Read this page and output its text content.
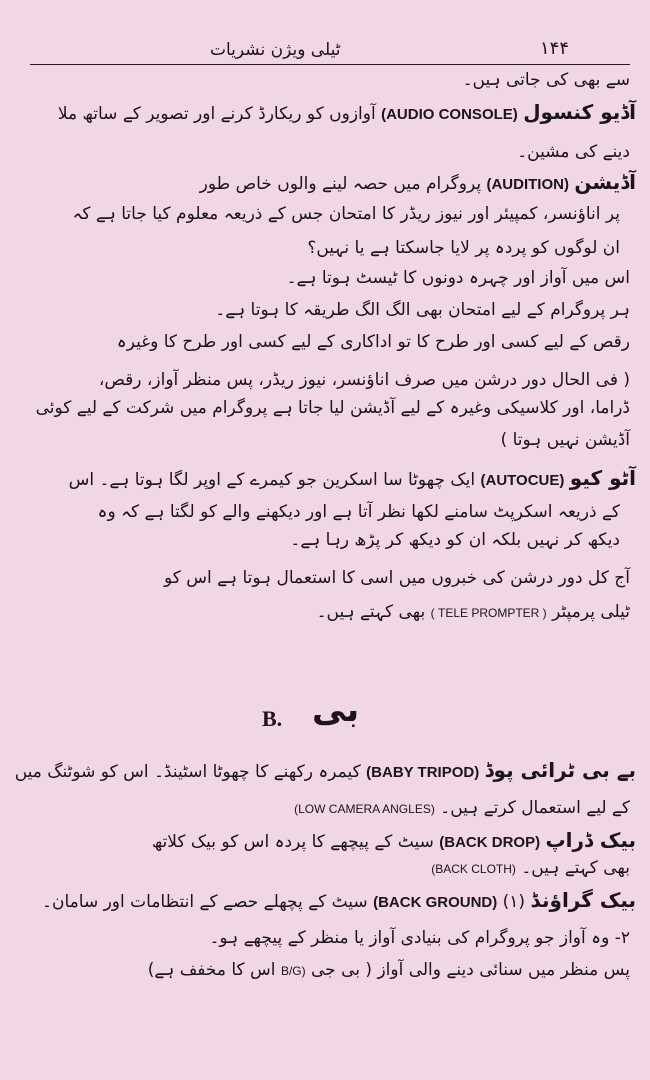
۱۴۴
ٹیلی ویژن نشریات
بی
B.
سے بھی کی جاتی ہیں۔
آڈیو کنسول (AUDIO CONSOLE) آوازوں کو ریکارڈ کرنے اور تصویر کے ساتھ ملا
دینے کی مشین۔
آڈیشن (AUDITION) پروگرام میں حصہ لینے والوں خاص طور
پر اناؤنسر، کمپیئر اور نیوز ریڈر کا امتحان جس کے ذریعہ معلوم کیا جاتا ہے کہ
ان لوگوں کو پردہ پر لایا جاسکتا ہے یا نہیں؟
اس میں آواز اور چہرہ دونوں کا ٹیسٹ ہوتا ہے۔
ہر پروگرام کے لیے امتحان بھی الگ الگ طریقہ کا ہوتا ہے۔
رقص کے لیے کسی اور طرح کا تو اداکاری کے لیے کسی اور طرح کا وغیرہ
( فی الحال دور درشن میں صرف اناؤنسر، نیوز ریڈر، پس منظر آواز، رقص،
ڈراما، اور کلاسیکی وغیرہ کے لیے آڈیشن لیا جاتا ہے پروگرام میں شرکت کے لیے کوئی
آڈیشن نہیں ہوتا )
آٹو کیو (AUTOCUE) ایک چھوٹا سا اسکرین جو کیمرے کے اوپر لگا ہوتا ہے۔ اس
کے ذریعہ اسکرپٹ سامنے لکھا نظر آتا ہے اور دیکھنے والے کو لگتا ہے کہ وہ
دیکھ کر نہیں بلکہ ان کو دیکھ کر پڑھ رہا ہے۔
آج کل دور درشن کی خبروں میں اسی کا استعمال ہوتا ہے اس کو
ٹیلی پرمپٹر ( TELE PROMPTER ) بھی کہتے ہیں۔
بے بی ٹرائی پوڈ (BABY TRIPOD) کیمرہ رکھنے کا چھوٹا اسٹینڈ۔ اس کو شوٹنگ میں
(LOW CAMERA ANGLES) کے لیے استعمال کرتے ہیں۔
بیک ڈراپ (BACK DROP) سیٹ کے پیچھے کا پردہ اس کو بیک کلاتھ
(BACK CLOTH) بھی کہتے ہیں۔
بیک گراؤنڈ (BACK GROUND) (۱) سیٹ کے پچھلے حصے کے انتظامات اور سامان۔
۲- وہ آواز جو پروگرام کی بنیادی آواز یا منظر کے پیچھے ہو۔
پس منظر میں سنائی دینے والی آواز ( بی جی B/G) اس کا مخفف ہے)
